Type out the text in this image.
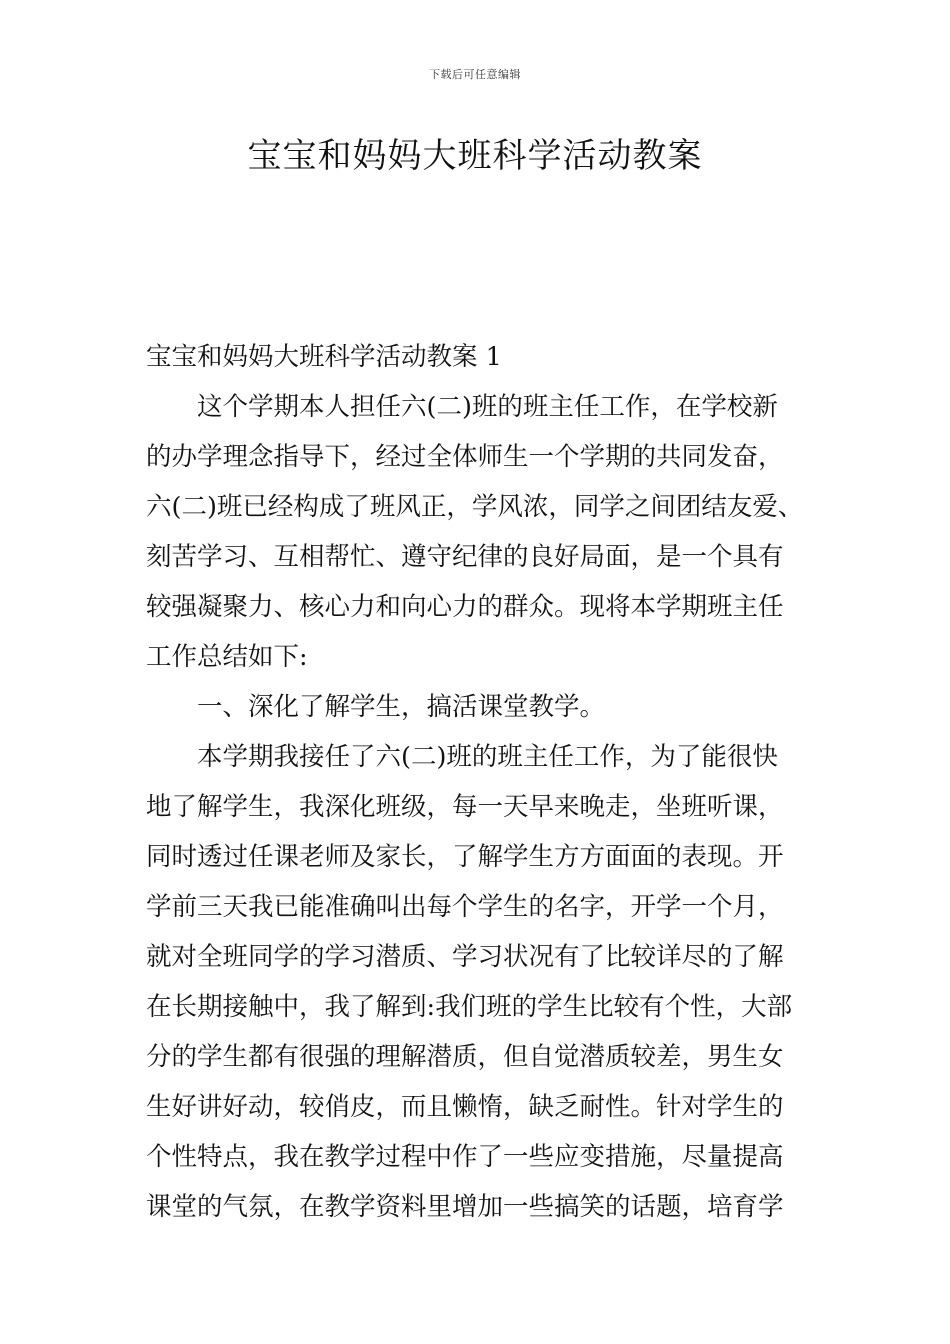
下载后可任意编辑
宝宝和妈妈大班科学活动教案
宝宝和妈妈大班科学活动教案 1
这个学期本人担任六(二)班的班主任工作，在学校新
的办学理念指导下，经过全体师生一个学期的共同发奋，
六(二)班已经构成了班风正，学风浓，同学之间团结友爱、
刻苦学习、互相帮忙、遵守纪律的良好局面，是一个具有
较强凝聚力、核心力和向心力的群众。现将本学期班主任
工作总结如下:
一、深化了解学生，搞活课堂教学。
本学期我接任了六(二)班的班主任工作，为了能很快
地了解学生，我深化班级，每一天早来晚走，坐班听课，
同时透过任课老师及家长，了解学生方方面面的表现。开
学前三天我已能准确叫出每个学生的名字，开学一个月，
就对全班同学的学习潜质、学习状况有了比较详尽的了解
在长期接触中，我了解到:我们班的学生比较有个性，大部
分的学生都有很强的理解潜质，但自觉潜质较差，男生女
生好讲好动，较俏皮，而且懒惰，缺乏耐性。针对学生的
个性特点，我在教学过程中作了一些应变措施，尽量提高
课堂的气氛，在教学资料里增加一些搞笑的话题，培育学
